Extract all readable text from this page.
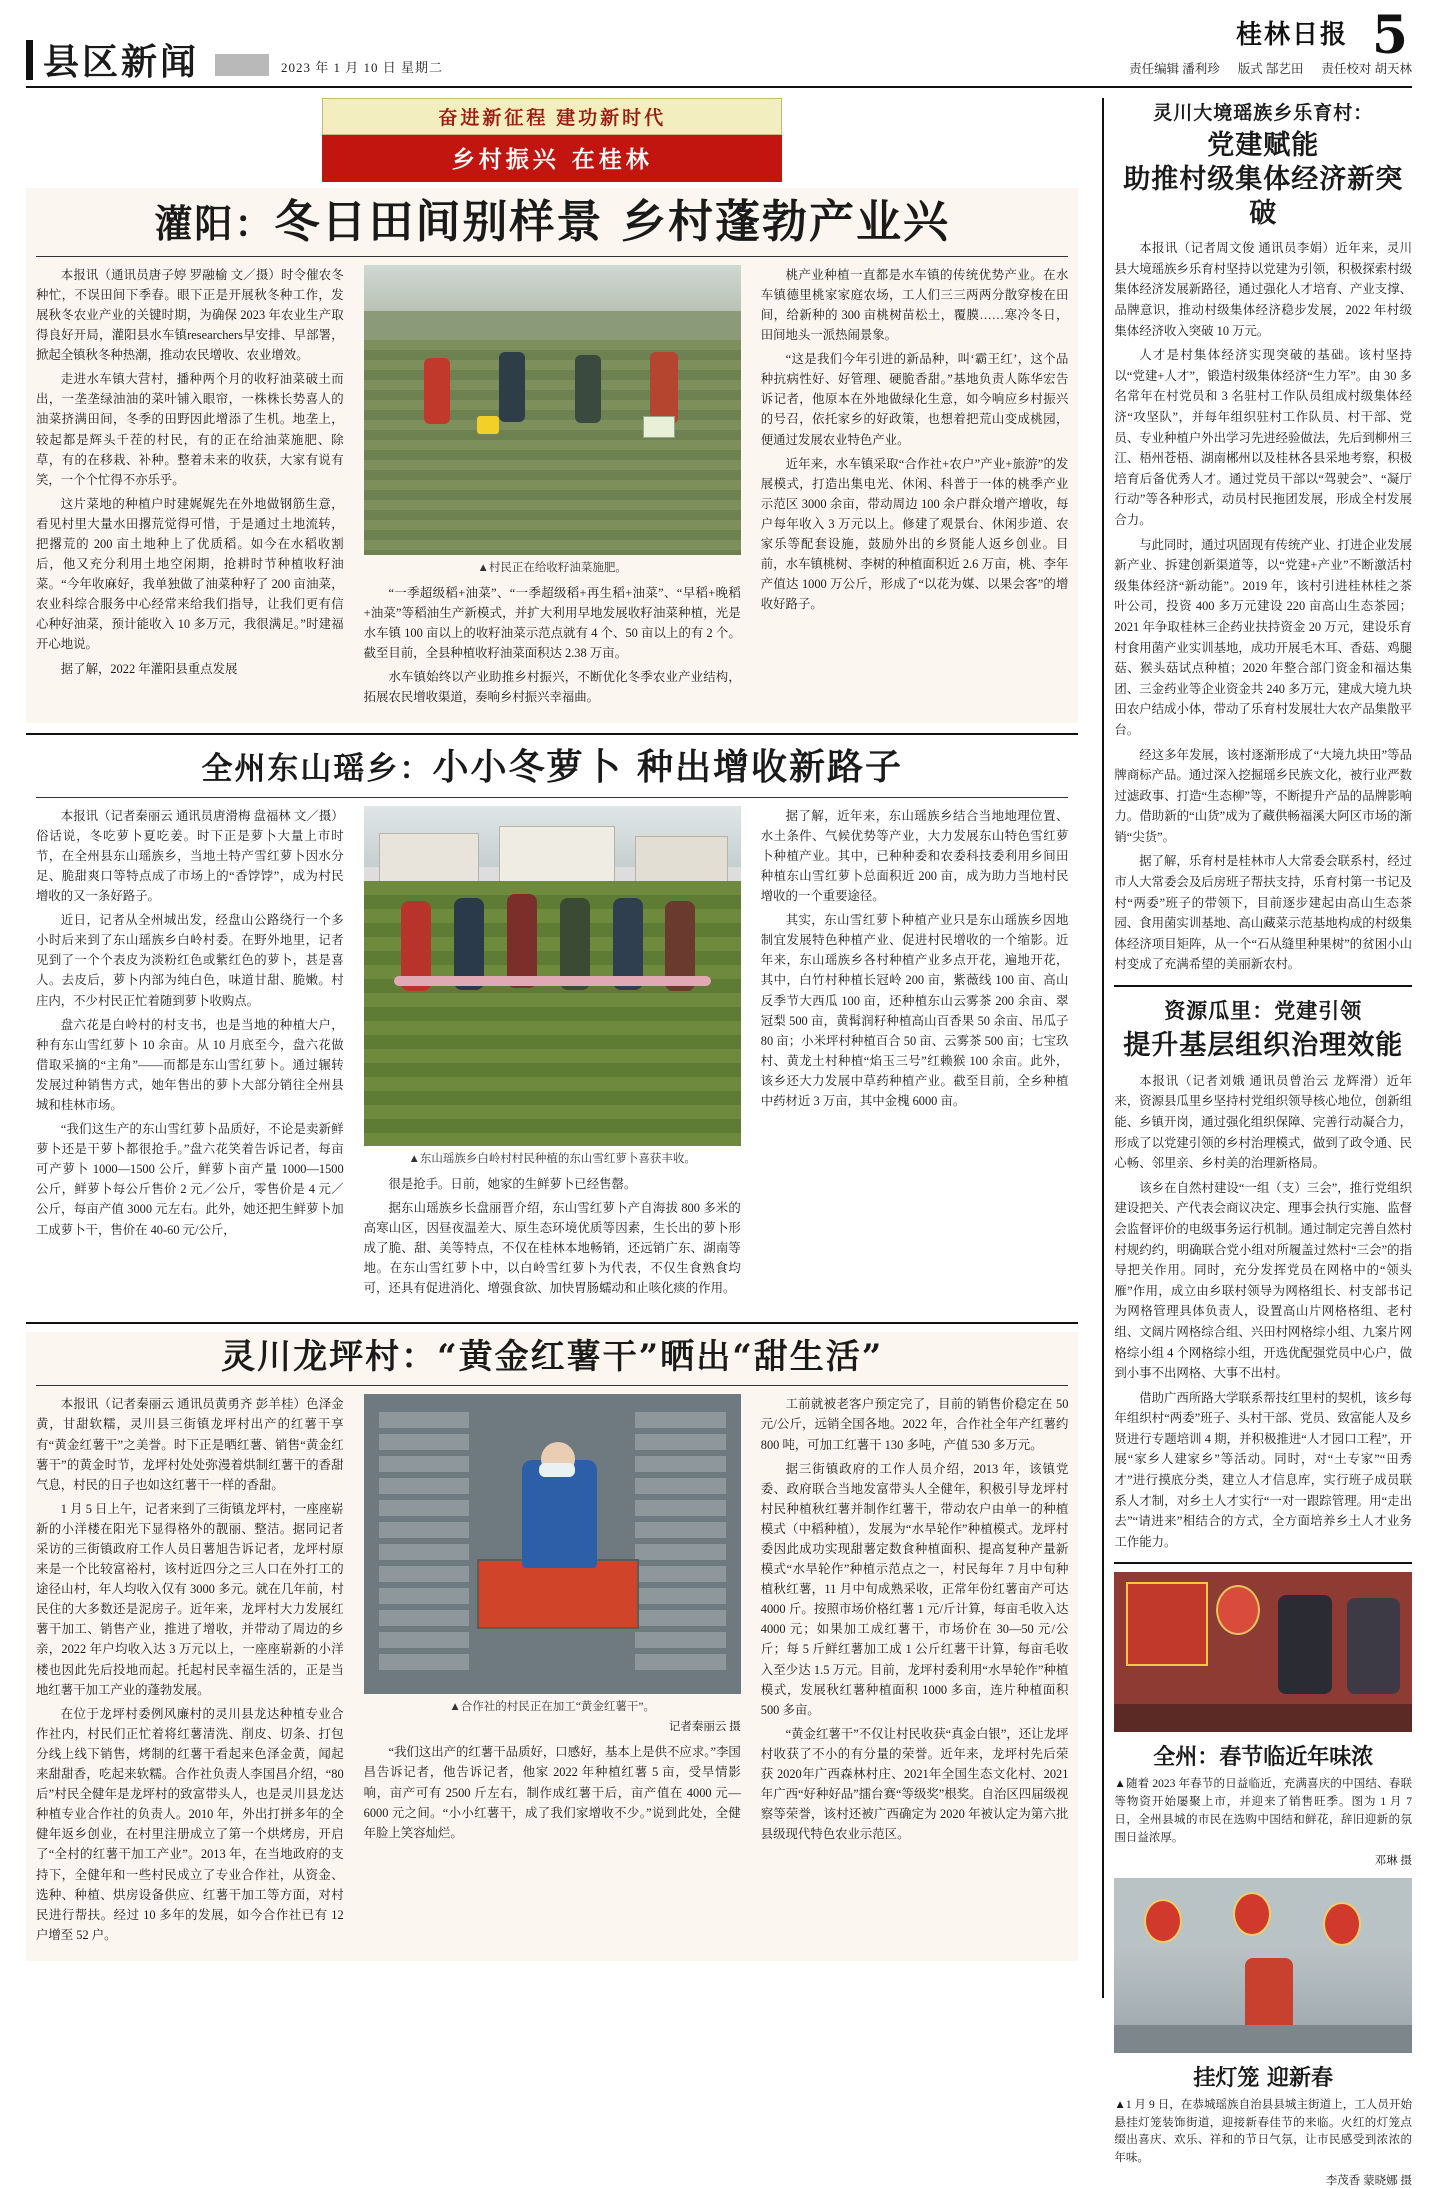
县区新闻	2023 年 1 月 10 日 星期二	责任编辑 潘利珍 版式 郜艺田 责任校对 胡天林
桂林日报 5
奋进新征程 建功新时代
乡村振兴 在桂林
灌阳：冬日田间别样景 乡村蓬勃产业兴

本报讯（通讯员唐子婷 罗融榆 文／摄）时令催农冬种忙，不误田间下季春。眼下正是开展秋冬种工作，发展秋冬农业产业的关键时期，为确保 2023 年农业生产取得良好开局，灌阳县水车镇researchers早安排、早部署，掀起全镇秋冬种热潮，推动农民增收、农业增效。

走进水车镇大营村，播种两个月的收籽油菜破土而出，一垄垄绿油油的菜叶铺入眼帘，一株株长势喜人的油菜挤满田间，冬季的田野因此增添了生机。地垄上，较起都是辉头千茬的村民，有的正在给油菜施肥、除草，有的在移栽、补种。整着未来的收获，大家有说有笑，一个个忙得不亦乐乎。

这片菜地的种植户时建娓娓先在外地做钢筋生意，看见村里大量水田撂荒觉得可惜，于是通过土地流转，把撂荒的 200 亩土地种上了优质稻。如今在水稻收割后，他又充分利用土地空闲期，抢耕时节种植收籽油菜。“今年收麻好，我单独做了油菜种籽了 200 亩油菜，农业科综合服务中心经常来给我们指导，让我们更有信心种好油菜，预计能收入 10 多万元，我很满足。”时建福开心地说。

据了解，2022 年灌阳县重点发展

▲村民正在给收籽油菜施肥。

“一季超级稻+油菜”、“一季超级稻+再生稻+油菜”、“早稻+晚稻+油菜”等稻油生产新模式，并扩大利用早地发展收籽油菜种植，光是水车镇 100 亩以上的收籽油菜示范点就有 4 个、50 亩以上的有 2 个。截至目前，全县种植收籽油菜面积达 2.38 万亩。

水车镇始终以产业助推乡村振兴，不断优化冬季农业产业结构，拓展农民增收渠道，奏响乡村振兴幸福曲。

桃产业种植一直都是水车镇的传统优势产业。在水车镇德里桃家家庭农场，工人们三三两两分散穿梭在田间，给新种的 300 亩桃树苗松土，覆膜……寒冷冬日，田间地头一派热闹景象。

“这是我们今年引进的新品种，叫‘霸王红’，这个品种抗病性好、好管理、硬脆香甜。”基地负责人陈华宏告诉记者，他原本在外地做绿化生意，如今响应乡村振兴的号召，依托家乡的好政策，也想着把荒山变成桃园，便通过发展农业特色产业。

近年来，水车镇采取“合作社+农户”产业+旅游”的发展模式，打造出集电光、休闲、科普于一体的桃季产业示范区 3000 余亩，带动周边 100 余户群众增产增收，每户每年收入 3 万元以上。修建了观景台、休闲步道、农家乐等配套设施，鼓励外出的乡贤能人返乡创业。目前，水车镇桃树、李树的种植面积近 2.6 万亩，桃、李年产值达 1000 万公斤，形成了“以花为媒、以果会客”的增收好路子。

全州东山瑶乡：小小冬萝卜 种出增收新路子

本报讯（记者秦丽云 通讯员唐滑梅 盘福林 文／摄）俗话说，冬吃萝卜夏吃姜。时下正是萝卜大量上市时节，在全州县东山瑶族乡，当地土特产雪红萝卜因水分足、脆甜爽口等特点成了市场上的“香饽饽”，成为村民增收的又一条好路子。

近日，记者从全州城出发，经盘山公路绕行一个多小时后来到了东山瑶族乡白岭村委。在野外地里，记者见到了一个个表皮为淡粉红色或紫红色的萝卜，甚是喜人。去皮后，萝卜内部为纯白色，味道甘甜、脆嫩。村庄内，不少村民正忙着随到萝卜收购点。

盘六花是白岭村的村支书，也是当地的种植大户，种有东山雪红萝卜 10 余亩。从 10 月底至今，盘六花做借取采摘的“主角”——而都是东山雪红萝卜。通过辗转发展过种销售方式，她年售出的萝卜大部分销往全州县城和桂林市场。

“我们这生产的东山雪红萝卜品质好，不论是卖新鲜萝卜还是干萝卜都很抢手。”盘六花笑着告诉记者，每亩可产萝卜 1000—1500 公斤，鲜萝卜亩产量 1000—1500 公斤，鲜萝卜每公斤售价 2 元／公斤，零售价是 4 元／公斤，每亩产值 3000 元左右。此外，她还把生鲜萝卜加工成萝卜干，售价在 40-60 元/公斤，

▲东山瑶族乡白岭村村民种植的东山雪红萝卜喜获丰收。

很是抢手。日前，她家的生鲜萝卜已经售罄。

据东山瑶族乡长盘丽晋介绍，东山雪红萝卜产自海拔 800 多米的高寒山区，因昼夜温差大、原生态环境优质等因素，生长出的萝卜形成了脆、甜、美等特点，不仅在桂林本地畅销，还远销广东、湖南等地。在东山雪红萝卜中，以白岭雪红萝卜为代表，不仅生食熟食均可，还具有促进消化、增强食欲、加快胃肠蠕动和止咳化痰的作用。

据了解，近年来，东山瑶族乡结合当地地理位置、水土条件、气候优势等产业，大力发展东山特色雪红萝卜种植产业。其中，已种种委和农委科技委利用乡间田种植东山雪红萝卜总面积近 200 亩，成为助力当地村民增收的一个重要途径。

其实，东山雪红萝卜种植产业只是东山瑶族乡因地制宜发展特色种植产业、促进村民增收的一个缩影。近年来，东山瑶族乡各村种植产业多点开花，遍地开花，其中，白竹村种植长冠岭 200 亩，紫薇线 100 亩、高山反季节大西瓜 100 亩，还种植东山云雾茶 200 余亩、翠冠梨 500 亩，黄髯润籽种植高山百香果 50 余亩、吊瓜子 80 亩；小米坪村种植百合 50 亩、云雾茶 500 亩；七宝玖村、黄龙土村种植“焰玉三号”红赖猴 100 余亩。此外，该乡还大力发展中草药种植产业。截至目前，全乡种植中药材近 3 万亩，其中金槐 6000 亩。

灵川龙坪村：“黄金红薯干”晒出“甜生活”

本报讯（记者秦丽云 通讯员黄勇齐 彭羊桂）色泽金黄，甘甜软糯，灵川县三街镇龙坪村出产的红薯干享有“黄金红薯干”之美誉。时下正是晒红薯、销售“黄金红薯干”的黄金时节，龙坪村处处弥漫着烘制红薯干的香甜气息，村民的日子也如这红薯干一样的香甜。

1 月 5 日上午，记者来到了三街镇龙坪村，一座座崭新的小洋楼在阳光下显得格外的靓丽、整洁。据同记者采访的三街镇政府工作人员日薯旭告诉记者，龙坪村原来是一个比较富裕村，该村近四分之三人口在外打工的途径山村，年人均收入仅有 3000 多元。就在几年前，村民住的大多数还是泥房子。近年来，龙坪村大力发展红薯干加工、销售产业，推进了增收，并带动了周边的乡亲，2022 年户均收入达 3 万元以上，一座座崭新的小洋楼也因此先后投地而起。托起村民幸福生活的，正是当地红薯干加工产业的蓬勃发展。

在位于龙坪村委例风廉村的灵川县龙达种植专业合作社内，村民们正忙着将红薯清洗、削皮、切条、打包分线上线下销售，烤制的红薯干看起来色泽金黄，闻起来甜甜香，吃起来软糯。合作社负责人李国昌介绍，“80 后”村民全健年是龙坪村的致富带头人，也是灵川县龙达种植专业合作社的负责人。2010 年，外出打拼多年的全健年返乡创业，在村里注册成立了第一个烘烤房，开启了“全村的红薯干加工产业”。2013 年，在当地政府的支持下，全健年和一些村民成立了专业合作社，从资金、选种、种植、烘房设备供应、红薯干加工等方面，对村民进行帮扶。经过 10 多年的发展，如今合作社已有 12 户增至 52 户。

▲合作社的村民正在加工“黄金红薯干”。
记者秦丽云 摄

“我们这出产的红薯干品质好，口感好，基本上是供不应求。”李国昌告诉记者，他告诉记者，他家 2022 年种植红薯 5 亩，受旱情影响，亩产可有 2500 斤左右，制作成红薯干后，亩产值在 4000 元—6000 元之间。“小小红薯干，成了我们家增收不少。”说到此处，全健年脸上笑容灿烂。

工前就被老客户预定完了，目前的销售价稳定在 50 元/公斤，远销全国各地。2022 年，合作社全年产红薯约 800 吨，可加工红薯干 130 多吨，产值 530 多万元。

据三街镇政府的工作人员介绍，2013 年，该镇党委、政府联合当地发富带头人全健年，积极引导龙坪村村民种植秋红薯并制作红薯干，带动农户由单一的种植模式（中稻种植），发展为“水旱轮作”种植模式。龙坪村委因此成功实现甜薯定数食种植面积、提高复种产量新模式“水旱轮作”种植示范点之一，村民每年 7 月中旬种植秋红薯，11 月中旬成熟采收，正常年份红薯亩产可达 4000 斤。按照市场价格红薯 1 元/斤计算，每亩毛收入达 4000 元；如果加工成红薯干，市场价在 30—50 元/公斤；每 5 斤鲜红薯加工成 1 公斤红薯干计算，每亩毛收入至少达 1.5 万元。目前，龙坪村委利用“水旱轮作”种植模式，发展秋红薯种植面积 1000 多亩，连片种植面积 500 多亩。

“黄金红薯干”不仅让村民收获“真金白银”，还让龙坪村收获了不小的有分量的荣誉。近年来，龙坪村先后荣获 2020年广西森林村庄、2021年全国生态文化村、2021年广西“好种好品”擂台赛“等级奖”根奖。自治区四届级视察等荣誉，该村还被广西确定为 2020 年被认定为第六批县级现代特色农业示范区。

灵川大境瑶族乡乐育村：
党建赋能
助推村级集体经济新突破

本报讯（记者周文俊 通讯员李娟）近年来，灵川县大境瑶族乡乐育村坚持以党建为引领，积极探索村级集体经济发展新路径，通过强化人才培育、产业支撑、品牌意识，推动村级集体经济稳步发展，2022 年村级集体经济收入突破 10 万元。

人才是村集体经济实现突破的基础。该村坚持以“党建+人才”，锻造村级集体经济“生力军”。由 30 多名常年在村党员和 3 名驻村工作队员组成村级集体经济“攻坚队”，并每年组织驻村工作队员、村干部、党员、专业种植户外出学习先进经验做法，先后到柳州三江、梧州苍梧、湖南郴州以及桂林各县采地考察，积极培育后备优秀人才。通过党员干部以“驾驶会”、“凝厅行动”等各种形式，动员村民拖团发展，形成全村发展合力。

与此同时，通过巩固现有传统产业、打进企业发展新产业、拆建创新渠道等，以“党建+产业”不断激活村级集体经济“新动能”。2019 年，该村引进桂林桂之茶叶公司，投资 400 多万元建设 220 亩高山生态茶园；2021 年争取桂林三企药业扶持资金 20 万元，建设乐育村食用菌产业实训基地，成功开展毛木耳、香菇、鸡腿菇、猴头菇试点种植；2020 年整合部门资金和福达集团、三金药业等企业资金共 240 多万元，建成大境九块田农户结成小体，带动了乐育村发展壮大农产品集散平台。

经这多年发展，该村逐渐形成了“大境九块田”等品牌商标产品。通过深入挖掘瑶乡民族文化，被行业严数过滤政事、打造“生态柳”等，不断提升产品的品牌影响力。借助新的“山货”成为了藏供畅福溪大阿区市场的渐销“尖货”。

据了解，乐育村是桂林市人大常委会联系村，经过市人大常委会及后房班子帮扶支持，乐育村第一书记及村“两委”班子的带领下，目前逐步建起由高山生态茶园、食用菌实训基地、高山藏菜示范基地构成的村级集体经济项目矩阵，从一个“石从缝里种果树”的贫困小山村变成了充满希望的美丽新农村。

资源瓜里：党建引领
提升基层组织治理效能

本报讯（记者刘娥 通讯员曾治云 龙辉滑）近年来，资源县瓜里乡坚持村党组织领导核心地位，创新组能、乡镇开岗，通过强化组织保障、完善行动凝合力，形成了以党建引领的乡村治理模式，做到了政令通、民心畅、邻里亲、乡村美的治理新格局。

该乡在自然村建设“一组（支）三会”，推行党组织建设把关、产代表会商议决定、理事会执行实施、监督会监督评价的电级事务运行机制。通过制定完善自然村村规约约，明确联合党小组对所履盖过然村“三会”的指导把关作用。同时，充分发挥党员在网格中的“领头雁”作用，成立由乡联村领导为网格组长、村支部书记为网格管理具体负责人，设置高山片网格格组、老村组、文阔片网格综合组、兴田村网格综小组、九案片网格综小组 4 个网格综小组，开选优配强党员中心户，做到小事不出网格、大事不出村。

借助广西所路大学联系帮技红里村的契机，该乡每年组织村“两委”班子、头村干部、党员、致富能人及乡贤进行专题培训 4 期，并积极推进“人才园口工程”，开展“家乡人建家乡”等活动。同时，对“土专家”“田秀才”进行摸底分类，建立人才信息库，实行班子成员联系人才制，对乡土人才实行“一对一跟踪管理。用“走出去”“请进来”相结合的方式，全方面培养乡土人才业务工作能力。

全州：春节临近年味浓
▲随着 2023 年春节的日益临近，充满喜庆的中国结、春联等物资开始屡聚上市，并迎来了销售旺季。图为 1 月 7 日，全州县城的市民在选购中国结和鲜花，辞旧迎新的氛围日益浓厚。
邓琳 摄
挂灯笼 迎新春
▲1 月 9 日，在恭城瑶族自治县县城主街道上，工人员开始悬挂灯笼装饰街道，迎接新春佳节的来临。火红的灯笼点缀出喜庆、欢乐、祥和的节日气氛，让市民感受到浓浓的年味。
李茂香 蒙晓娜 摄
